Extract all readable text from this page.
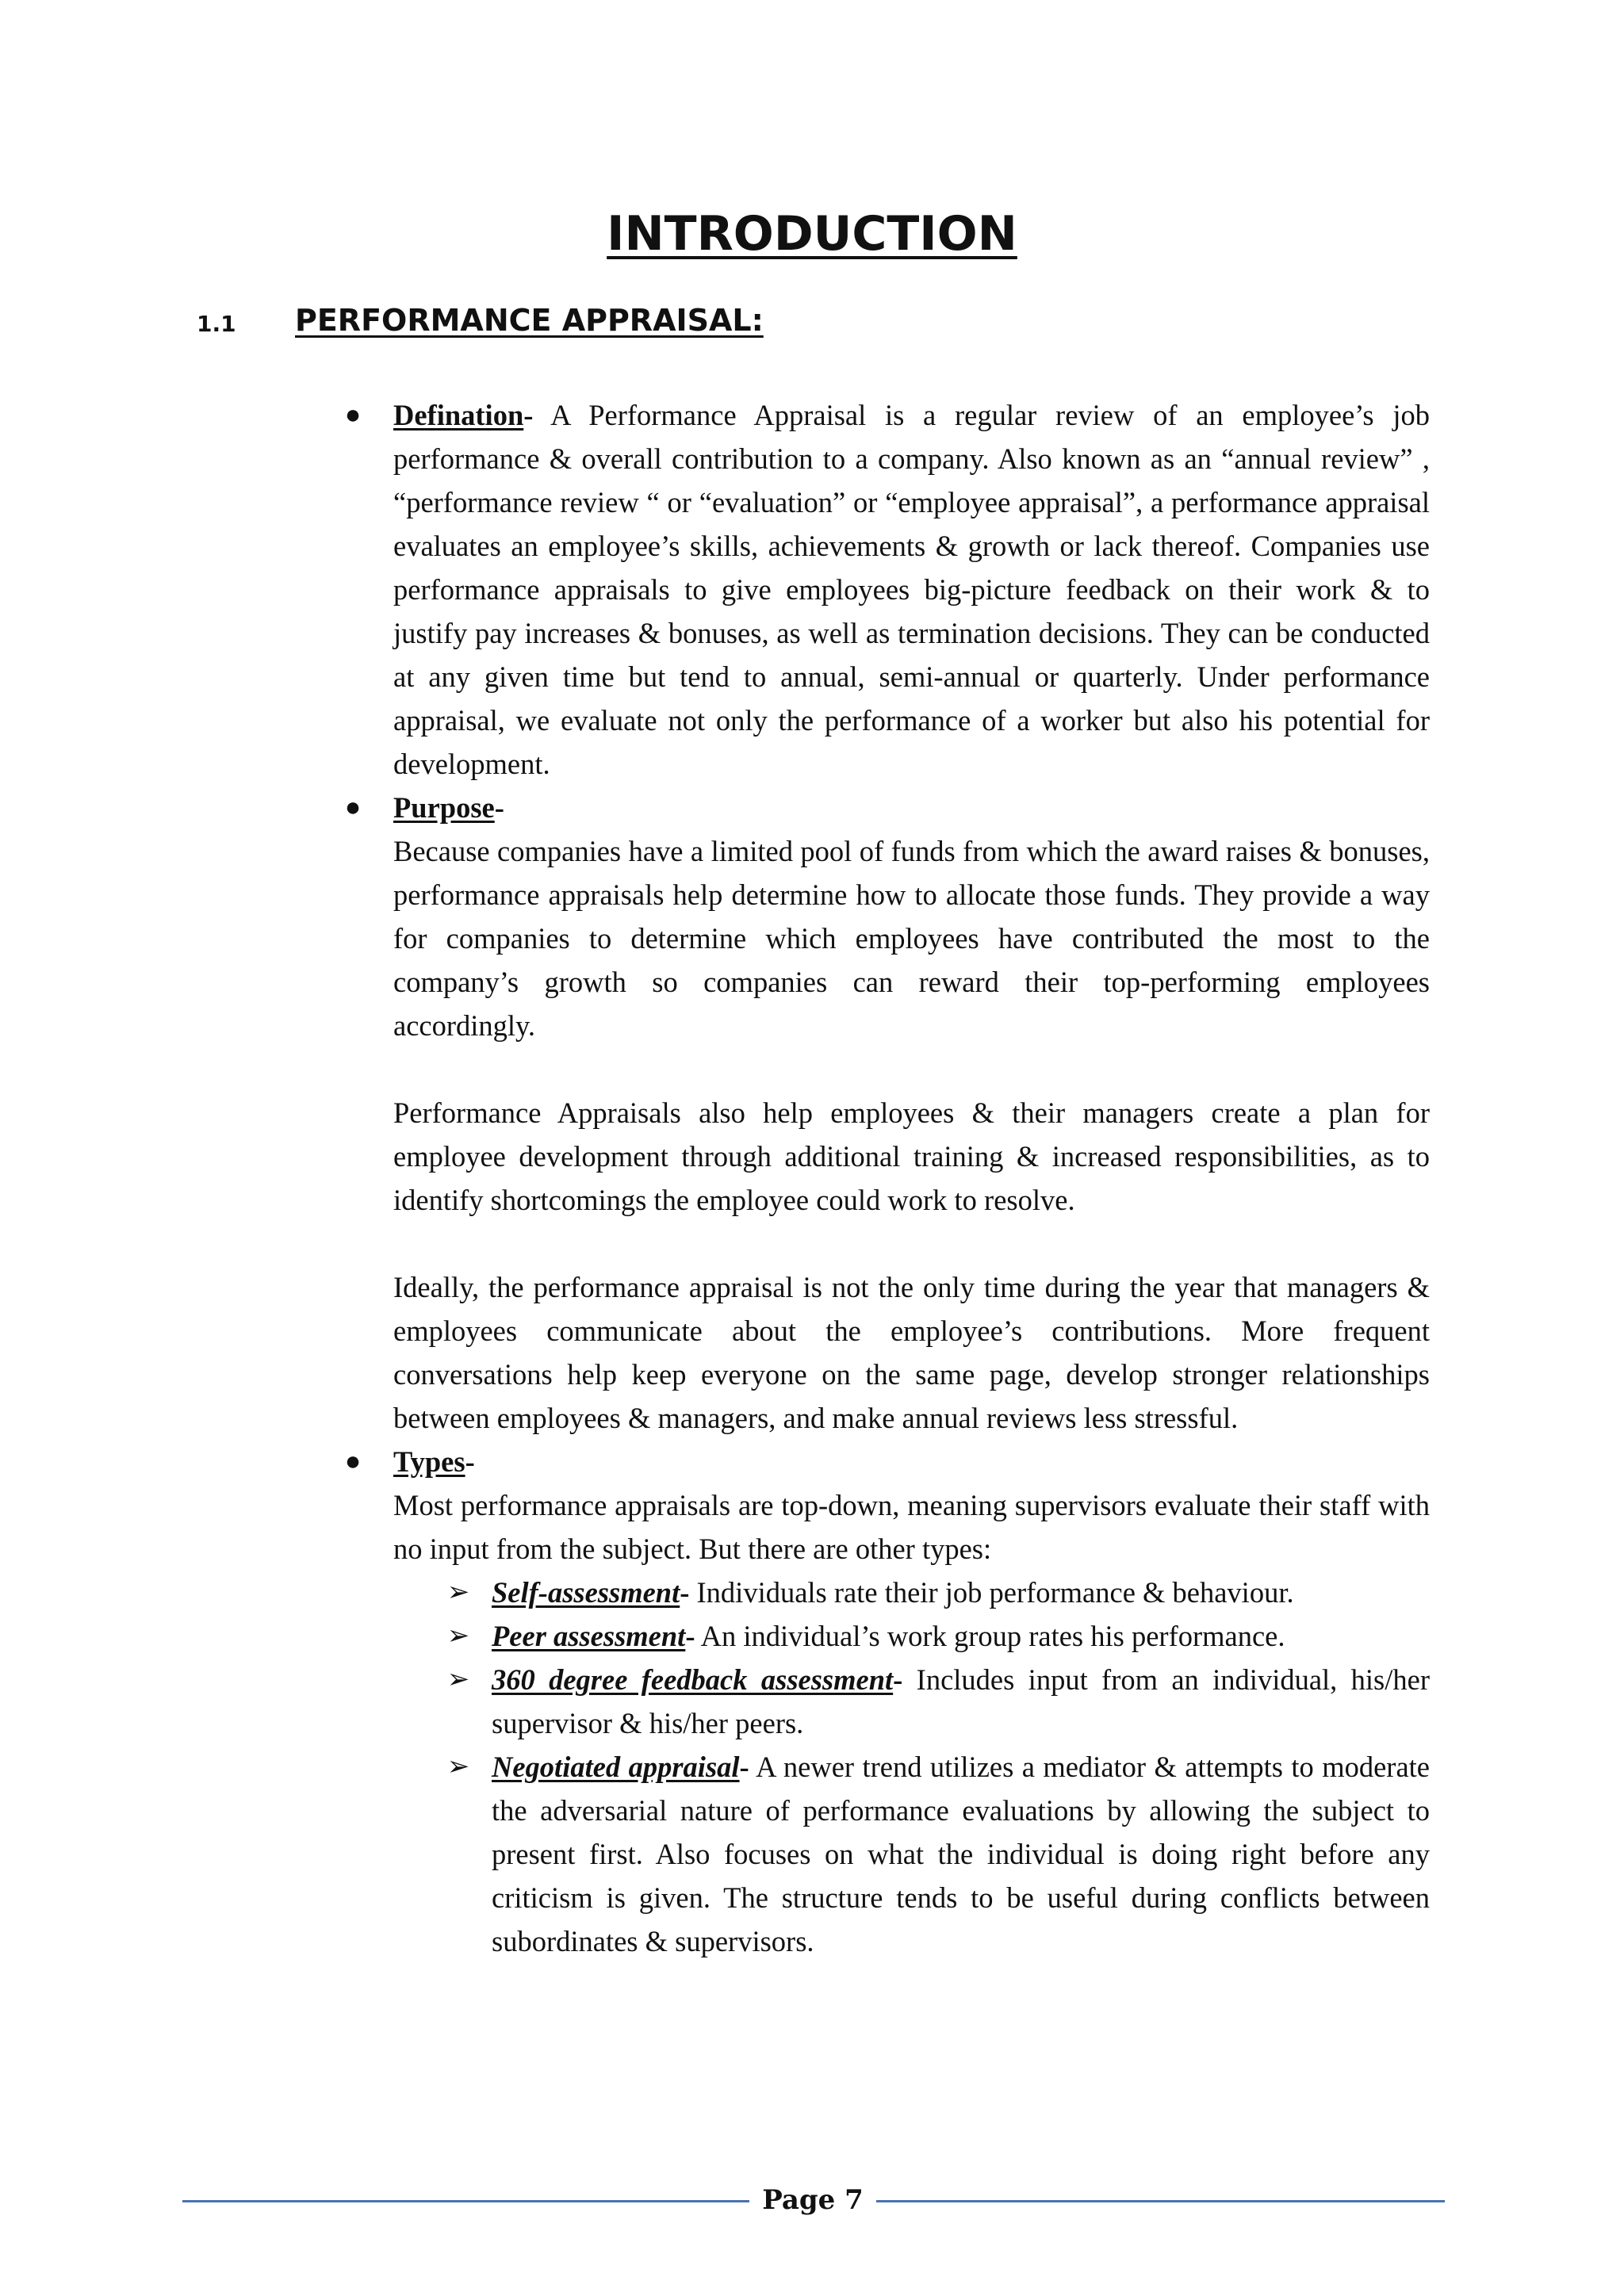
INTRODUCTION
1.1 PERFORMANCE APPRAISAL:
● Defination- A Performance Appraisal is a regular review of an employee’s job performance & overall contribution to a company. Also known as an “annual review” , “performance review “ or “evaluation” or “employee appraisal”, a performance appraisal evaluates an employee’s skills, achievements & growth or lack thereof. Companies use performance appraisals to give employees big-picture feedback on their work & to justify pay increases & bonuses, as well as termination decisions. They can be conducted at any given time but tend to annual, semi-annual or quarterly. Under performance appraisal, we evaluate not only the performance of a worker but also his potential for development.

● Purpose-

Because companies have a limited pool of funds from which the award raises & bonuses, performance appraisals help determine how to allocate those funds. They provide a way for companies to determine which employees have contributed the most to the company’s growth so companies can reward their top-performing employees accordingly.

Performance Appraisals also help employees & their managers create a plan for employee development through additional training & increased responsibilities, as to identify shortcomings the employee could work to resolve.

Ideally, the performance appraisal is not the only time during the year that managers & employees communicate about the employee’s contributions. More frequent conversations help keep everyone on the same page, develop stronger relationships between employees & managers, and make annual reviews less stressful.

● Types-

Most performance appraisals are top-down, meaning supervisors evaluate their staff with no input from the subject. But there are other types:

➢ Self-assessment- Individuals rate their job performance & behaviour.

➢ Peer assessment- An individual’s work group rates his performance.

➢ 360 degree feedback assessment- Includes input from an individual, his/her supervisor & his/her peers.

➢ Negotiated appraisal- A newer trend utilizes a mediator & attempts to moderate the adversarial nature of performance evaluations by allowing the subject to present first. Also focuses on what the individual is doing right before any criticism is given. The structure tends to be useful during conflicts between subordinates & supervisors.

Page 7
